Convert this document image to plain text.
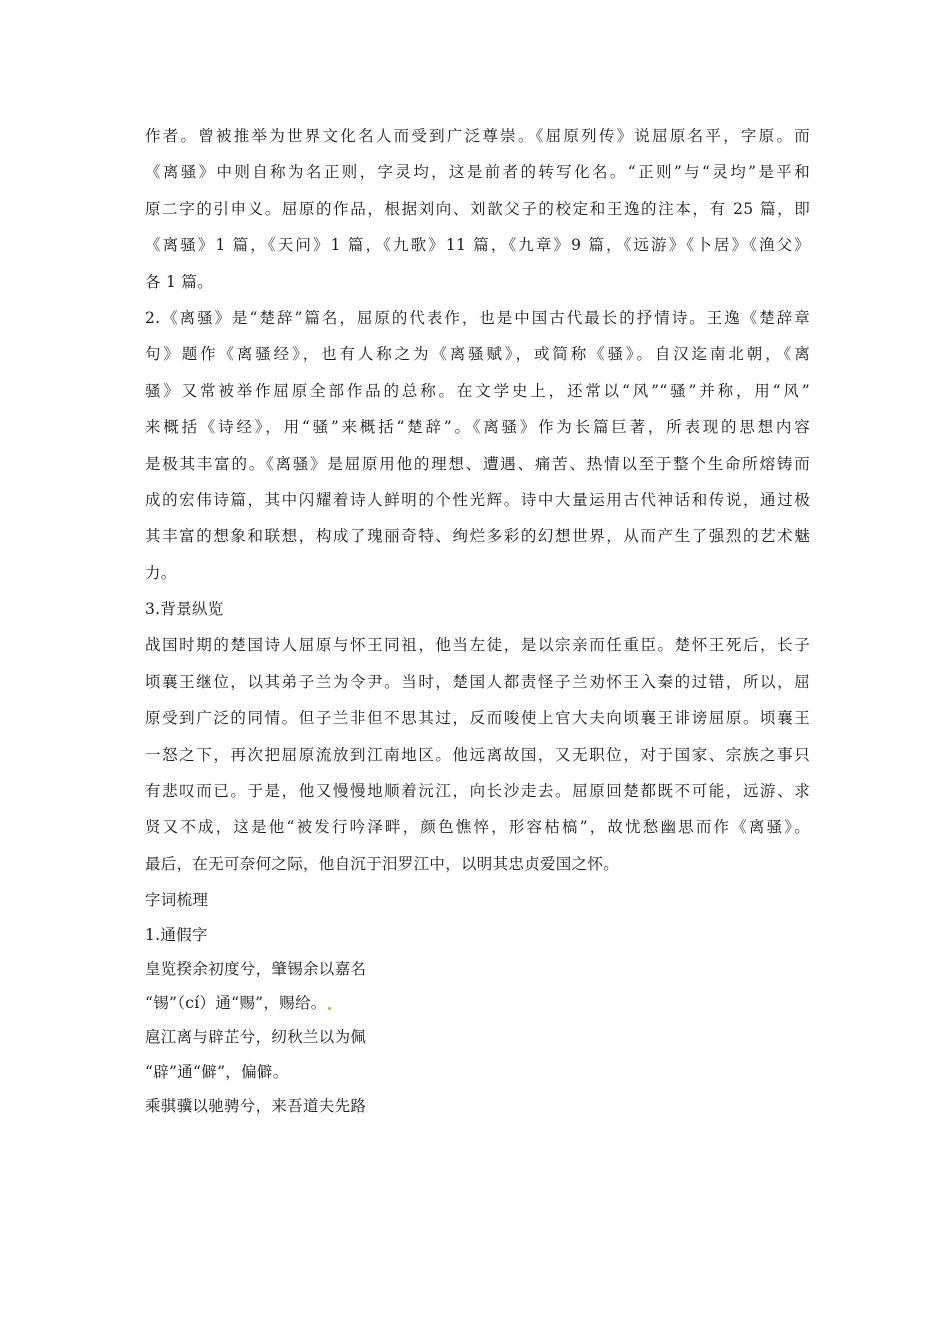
作者。曾被推举为世界文化名人而受到广泛尊崇。《屈原列传》说屈原名平，字原。而
《离骚》中则自称为名正则，字灵均，这是前者的转写化名。“正则”与“灵均”是平和
原二字的引申义。屈原的作品，根据刘向、刘歆父子的校定和王逸的注本，有 25 篇，即
《离骚》1 篇，《天问》1 篇，《九歌》11 篇，《九章》9 篇，《远游》《卜居》《渔父》
各 1 篇。
2.《离骚》是“楚辞”篇名，屈原的代表作，也是中国古代最长的抒情诗。王逸《楚辞章
句》题作《离骚经》，也有人称之为《离骚赋》，或简称《骚》。自汉迄南北朝，《离
骚》又常被举作屈原全部作品的总称。在文学史上，还常以“风”“骚”并称，用“风”
来概括《诗经》，用“骚”来概括“楚辞”。《离骚》作为长篇巨著，所表现的思想内容
是极其丰富的。《离骚》是屈原用他的理想、遭遇、痛苦、热情以至于整个生命所熔铸而
成的宏伟诗篇，其中闪耀着诗人鲜明的个性光辉。诗中大量运用古代神话和传说，通过极
其丰富的想象和联想，构成了瑰丽奇特、绚烂多彩的幻想世界，从而产生了强烈的艺术魅
力。
3.背景纵览
战国时期的楚国诗人屈原与怀王同祖，他当左徒，是以宗亲而任重臣。楚怀王死后，长子
顷襄王继位，以其弟子兰为令尹。当时，楚国人都责怪子兰劝怀王入秦的过错，所以，屈
原受到广泛的同情。但子兰非但不思其过，反而唆使上官大夫向顷襄王诽谤屈原。顷襄王
一怒之下，再次把屈原流放到江南地区。他远离故国，又无职位，对于国家、宗族之事只
有悲叹而已。于是，他又慢慢地顺着沅江，向长沙走去。屈原回楚都既不可能，远游、求
贤又不成，这是他“被发行吟泽畔，颜色憔悴，形容枯槁”，故忧愁幽思而作《离骚》。
最后，在无可奈何之际，他自沉于汨罗江中，以明其忠贞爱国之怀。
字词梳理
1.通假字
皇览揆余初度兮，肇锡余以嘉名
“锡”（cí）通“赐”，赐给。
扈江离与辟芷兮，纫秋兰以为佩
“辟”通“僻”，偏僻。
乘骐骥以驰骋兮，来吾道夫先路
